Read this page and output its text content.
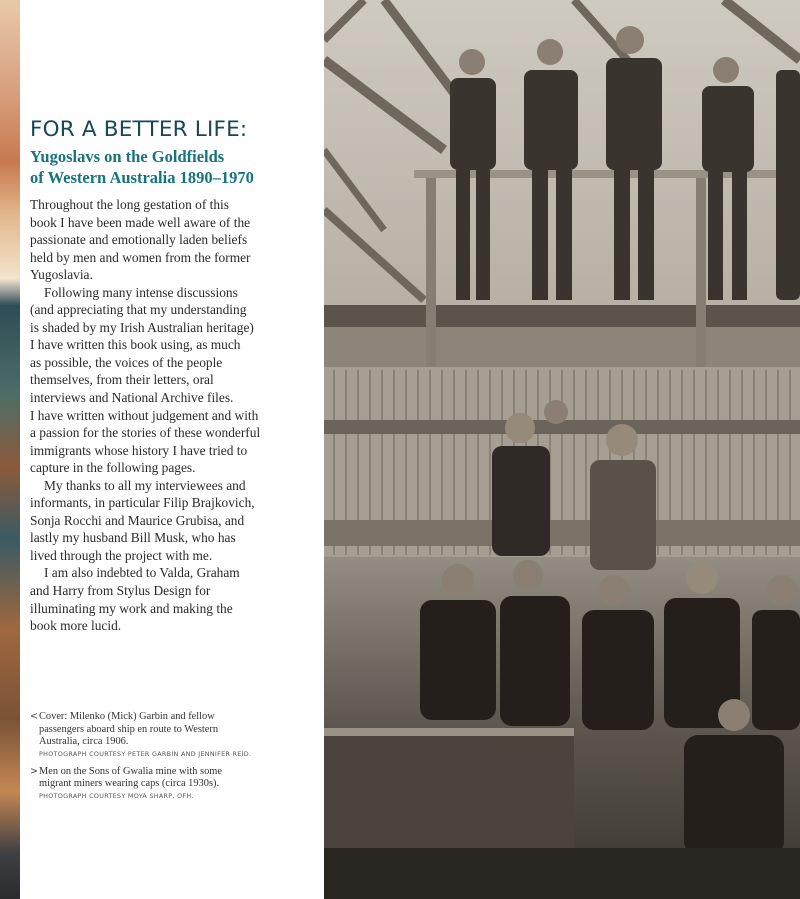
FOR A BETTER LIFE:
Yugoslavs on the Goldfields
of Western Australia 1890–1970
Throughout the long gestation of this
book I have been made well aware of the
passionate and emotionally laden beliefs
held by men and women from the former
Yugoslavia.
Following many intense discussions
(and appreciating that my understanding
is shaded by my Irish Australian heritage)
I have written this book using, as much
as possible, the voices of the people
themselves, from their letters, oral
interviews and National Archive files.
I have written without judgement and with
a passion for the stories of these wonderful
immigrants whose history I have tried to
capture in the following pages.
My thanks to all my interviewees and
informants, in particular Filip Brajkovich,
Sonja Rocchi and Maurice Grubisa, and
lastly my husband Bill Musk, who has
lived through the project with me.
I am also indebted to Valda, Graham
and Harry from Stylus Design for
illuminating my work and making the
book more lucid.

< Cover: Milenko (Mick) Garbin and fellow
passengers aboard ship en route to Western
Australia, circa 1906.
PHOTOGRAPH COURTESY PETER GARBIN AND JENNIFER REID.
> Men on the Sons of Gwalia mine with some
migrant miners wearing caps (circa 1930s).
PHOTOGRAPH COURTESY MOYA SHARP, OFH.
